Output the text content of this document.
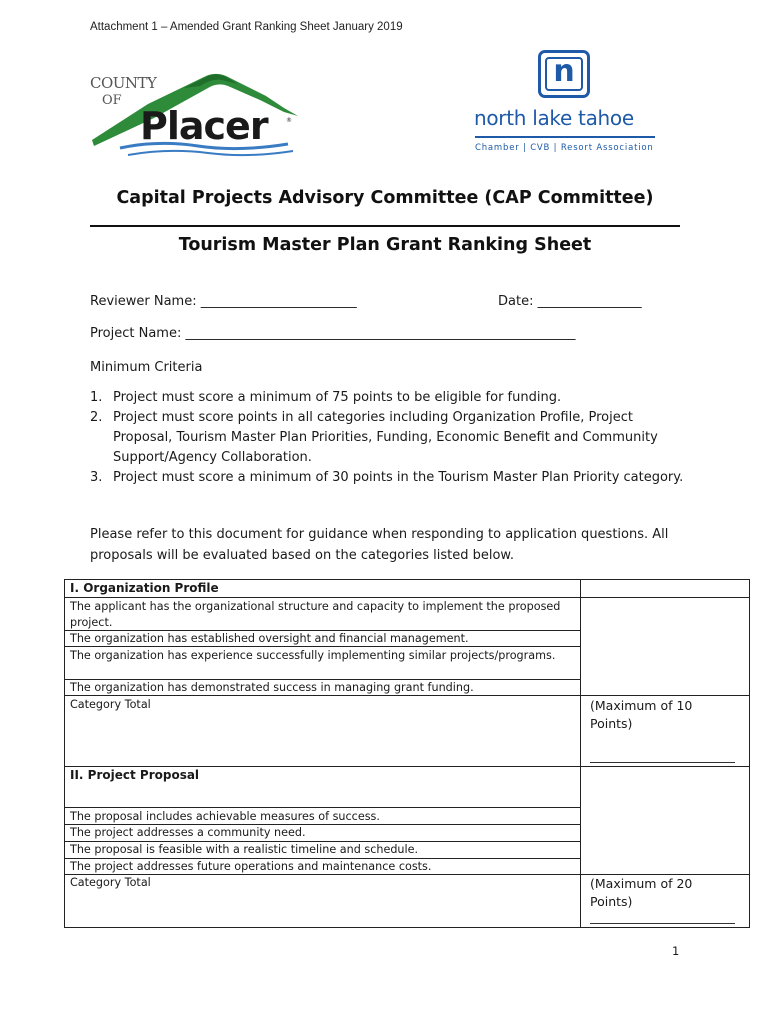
Attachment 1 – Amended Grant Ranking Sheet January 2019
COUNTY
OF
Placer	®
n
north lake tahoe
Chamber | CVB | Resort Association
Capital Projects Advisory Committee (CAP Committee)
Tourism Master Plan Grant Ranking Sheet
Reviewer Name: ________________________	Date: ________________
Project Name: ____________________________________________________________
Minimum Criteria
1. Project must score a minimum of 75 points to be eligible for funding.
2. Project must score points in all categories including Organization Profile, Project Proposal, Tourism Master Plan Priorities, Funding, Economic Benefit and Community Support/Agency Collaboration.
3. Project must score a minimum of 30 points in the Tourism Master Plan Priority category.
Please refer to this document for guidance when responding to application questions. All proposals will be evaluated based on the categories listed below.
I. Organization Profile
The applicant has the organizational structure and capacity to implement the proposed project.
The organization has established oversight and financial management.
The organization has experience successfully implementing similar projects/programs.
The organization has demonstrated success in managing grant funding.
Category Total	(Maximum of 10 Points)
II. Project Proposal
The proposal includes achievable measures of success.
The project addresses a community need.
The proposal is feasible with a realistic timeline and schedule.
The project addresses future operations and maintenance costs.
Category Total	(Maximum of 20 Points)
1
